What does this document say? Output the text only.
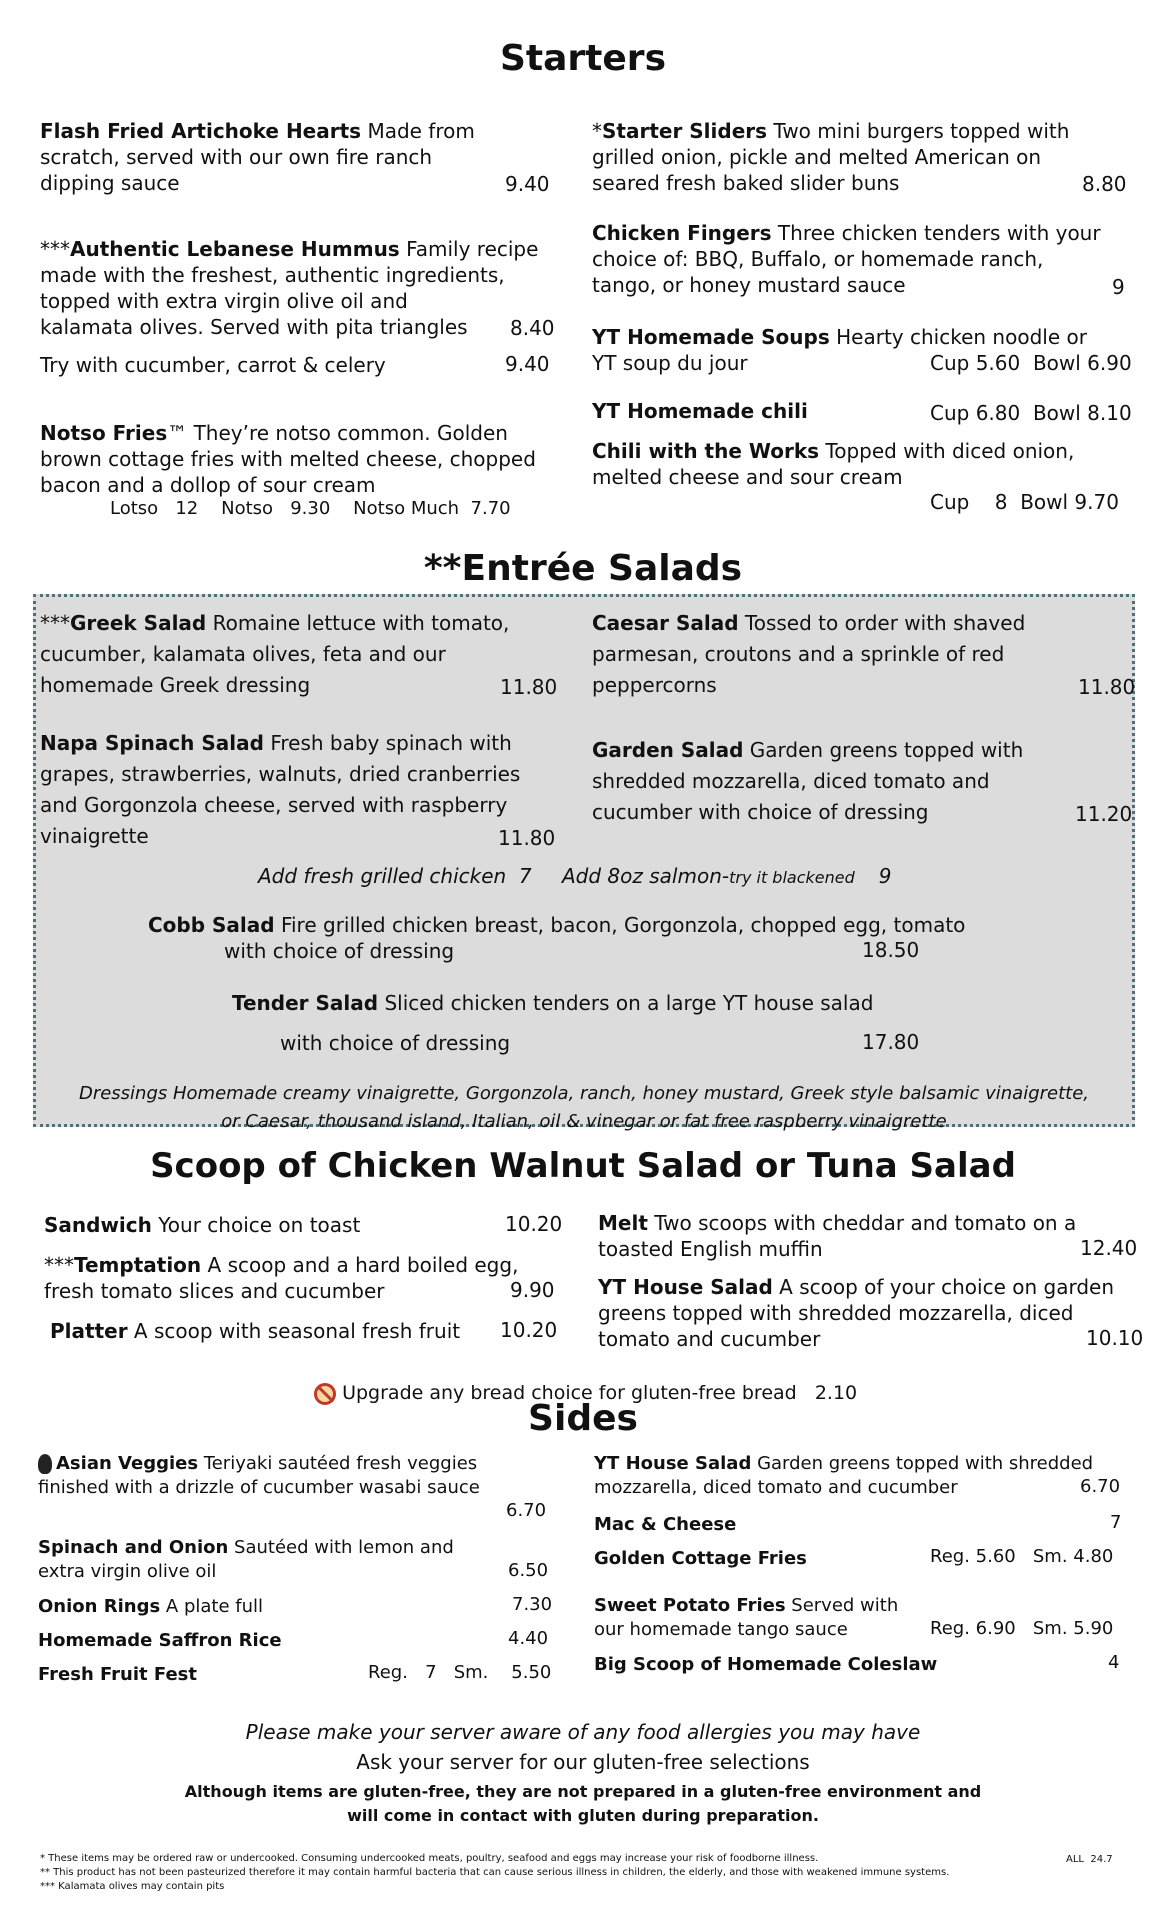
Starters
Flash Fried Artichoke Hearts Made from
scratch, served with our own fire ranch
dipping sauce	9.40
***Authentic Lebanese Hummus Family recipe
made with the freshest, authentic ingredients,
topped with extra virgin olive oil and
kalamata olives. Served with pita triangles	8.40
Try with cucumber, carrot & celery	9.40
Notso Fries™ They’re notso common. Golden
brown cottage fries with melted cheese, chopped
bacon and a dollop of sour cream
Lotso   12    Notso   9.30    Notso Much  7.70
*Starter Sliders Two mini burgers topped with
grilled onion, pickle and melted American on
seared fresh baked slider buns	8.80
Chicken Fingers Three chicken tenders with your
choice of: BBQ, Buffalo, or homemade ranch,
tango, or honey mustard sauce	9
YT Homemade Soups Hearty chicken noodle or
YT soup du jour	Cup 5.60  Bowl 6.90
YT Homemade chili	Cup 6.80  Bowl 8.10
Chili with the Works Topped with diced onion,
melted cheese and sour cream
Cup    8  Bowl 9.70
**Entrée Salads
***Greek Salad Romaine lettuce with tomato,
cucumber, kalamata olives, feta and our
homemade Greek dressing	11.80
Caesar Salad Tossed to order with shaved
parmesan, croutons and a sprinkle of red
peppercorns	11.80
Napa Spinach Salad Fresh baby spinach with
grapes, strawberries, walnuts, dried cranberries
and Gorgonzola cheese, served with raspberry
vinaigrette	11.80
Garden Salad Garden greens topped with
shredded mozzarella, diced tomato and
cucumber with choice of dressing	11.20
Add fresh grilled chicken  7 Add 8oz salmon-try it blackened 9
Cobb Salad Fire grilled chicken breast, bacon, Gorgonzola, chopped egg, tomato
with choice of dressing	18.50
Tender Salad Sliced chicken tenders on a large YT house salad
with choice of dressing	17.80
Dressings Homemade creamy vinaigrette, Gorgonzola, ranch, honey mustard, Greek style balsamic vinaigrette,
or Caesar, thousand island, Italian, oil & vinegar or fat free raspberry vinaigrette
Scoop of Chicken Walnut Salad or Tuna Salad
Sandwich Your choice on toast	10.20
***Temptation A scoop and a hard boiled egg,
fresh tomato slices and cucumber	9.90
Platter A scoop with seasonal fresh fruit 10.20
Melt Two scoops with cheddar and tomato on a
toasted English muffin	12.40
YT House Salad A scoop of your choice on garden
greens topped with shredded mozzarella, diced
tomato and cucumber	10.10

Upgrade any bread choice for gluten-free bread   2.10

Sides
Asian Veggies Teriyaki sautéed fresh veggies
finished with a drizzle of cucumber wasabi sauce
6.70
Spinach and Onion Sautéed with lemon and
extra virgin olive oil	6.50
Onion Rings A plate full	7.30
Homemade Saffron Rice	4.40
Fresh Fruit Fest	Reg.   7   Sm.    5.50
YT House Salad Garden greens topped with shredded
mozzarella, diced tomato and cucumber	6.70
Mac & Cheese	7
Golden Cottage Fries	Reg. 5.60   Sm. 4.80
Sweet Potato Fries Served with
our homemade tango sauce	Reg. 6.90   Sm. 5.90
Big Scoop of Homemade Coleslaw	4
Please make your server aware of any food allergies you may have
Ask your server for our gluten-free selections
Although items are gluten-free, they are not prepared in a gluten-free environment and
will come in contact with gluten during preparation.
* These items may be ordered raw or undercooked. Consuming undercooked meats, poultry, seafood and eggs may increase your risk of foodborne illness.
** This product has not been pasteurized therefore it may contain harmful bacteria that can cause serious illness in children, the elderly, and those with weakened immune systems.
*** Kalamata olives may contain pits
ALL  24.7
